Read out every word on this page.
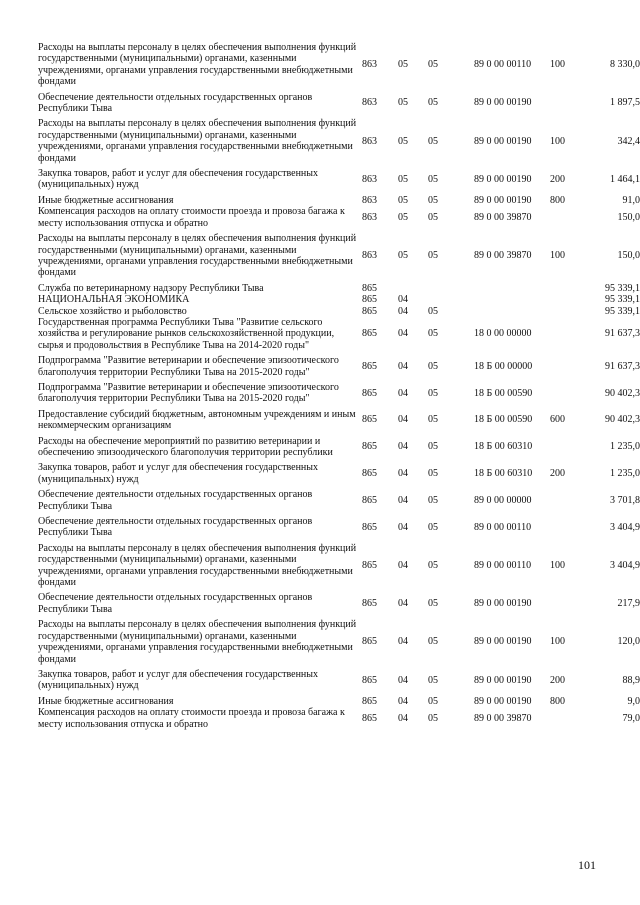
Расходы на выплаты персоналу в целях обеспечения выполнения функций государственными (муниципальными) органами, казенными учреждениями, органами управления государственными внебюджетными фондами	863	05	05	89 0 00 00110	100	8 330,0
Обеспечение деятельности отдельных государственных органов Республики Тыва	863	05	05	89 0 00 00190		1 897,5
Расходы на выплаты персоналу в целях обеспечения выполнения функций государственными (муниципальными) органами, казенными учреждениями, органами управления государственными внебюджетными фондами	863	05	05	89 0 00 00190	100	342,4
Закупка товаров, работ и услуг для обеспечения государственных (муниципальных) нужд	863	05	05	89 0 00 00190	200	1 464,1
Иные бюджетные ассигнования	863	05	05	89 0 00 00190	800	91,0
Компенсация расходов на оплату стоимости проезда и провоза багажа к месту использования отпуска и обратно	863	05	05	89 0 00 39870		150,0
Расходы на выплаты персоналу в целях обеспечения выполнения функций государственными (муниципальными) органами, казенными учреждениями, органами управления государственными внебюджетными фондами	863	05	05	89 0 00 39870	100	150,0
Служба по ветеринарному надзору Республики Тыва	865					95 339,1
НАЦИОНАЛЬНАЯ ЭКОНОМИКА	865	04				95 339,1
Сельское хозяйство и рыболовство	865	04	05			95 339,1
Государственная программа Республики Тыва "Развитие сельского хозяйства и регулирование рынков сельскохозяйственной продукции, сырья и продовольствия в Республике Тыва на 2014-2020 годы"	865	04	05	18 0 00 00000		91 637,3
Подпрограмма "Развитие ветеринарии и обеспечение эпизоотического благополучия территории Республики Тыва на 2015-2020 годы"	865	04	05	18 Б 00 00000		91 637,3
Подпрограмма "Развитие ветеринарии и обеспечение эпизоотического благополучия территории Республики Тыва на 2015-2020 годы"	865	04	05	18 Б 00 00590		90 402,3
Предоставление субсидий бюджетным, автономным учреждениям и иным некоммерческим организациям	865	04	05	18 Б 00 00590	600	90 402,3
Расходы на обеспечение мероприятий по развитию ветеринарии и обеспечению эпизоодического благополучия территории республики	865	04	05	18 Б 00 60310		1 235,0
Закупка товаров, работ и услуг для обеспечения государственных (муниципальных) нужд	865	04	05	18 Б 00 60310	200	1 235,0
Обеспечение деятельности отдельных государственных органов Республики Тыва	865	04	05	89 0 00 00000		3 701,8
Обеспечение деятельности отдельных государственных органов Республики Тыва	865	04	05	89 0 00 00110		3 404,9
Расходы на выплаты персоналу в целях обеспечения выполнения функций государственными (муниципальными) органами, казенными учреждениями, органами управления государственными внебюджетными фондами	865	04	05	89 0 00 00110	100	3 404,9
Обеспечение деятельности отдельных государственных органов Республики Тыва	865	04	05	89 0 00 00190		217,9
Расходы на выплаты персоналу в целях обеспечения выполнения функций государственными (муниципальными) органами, казенными учреждениями, органами управления государственными внебюджетными фондами	865	04	05	89 0 00 00190	100	120,0
Закупка товаров, работ и услуг для обеспечения государственных (муниципальных) нужд	865	04	05	89 0 00 00190	200	88,9
Иные бюджетные ассигнования	865	04	05	89 0 00 00190	800	9,0
Компенсация расходов на оплату стоимости проезда и провоза багажа к месту использования отпуска и обратно	865	04	05	89 0 00 39870		79,0
101
